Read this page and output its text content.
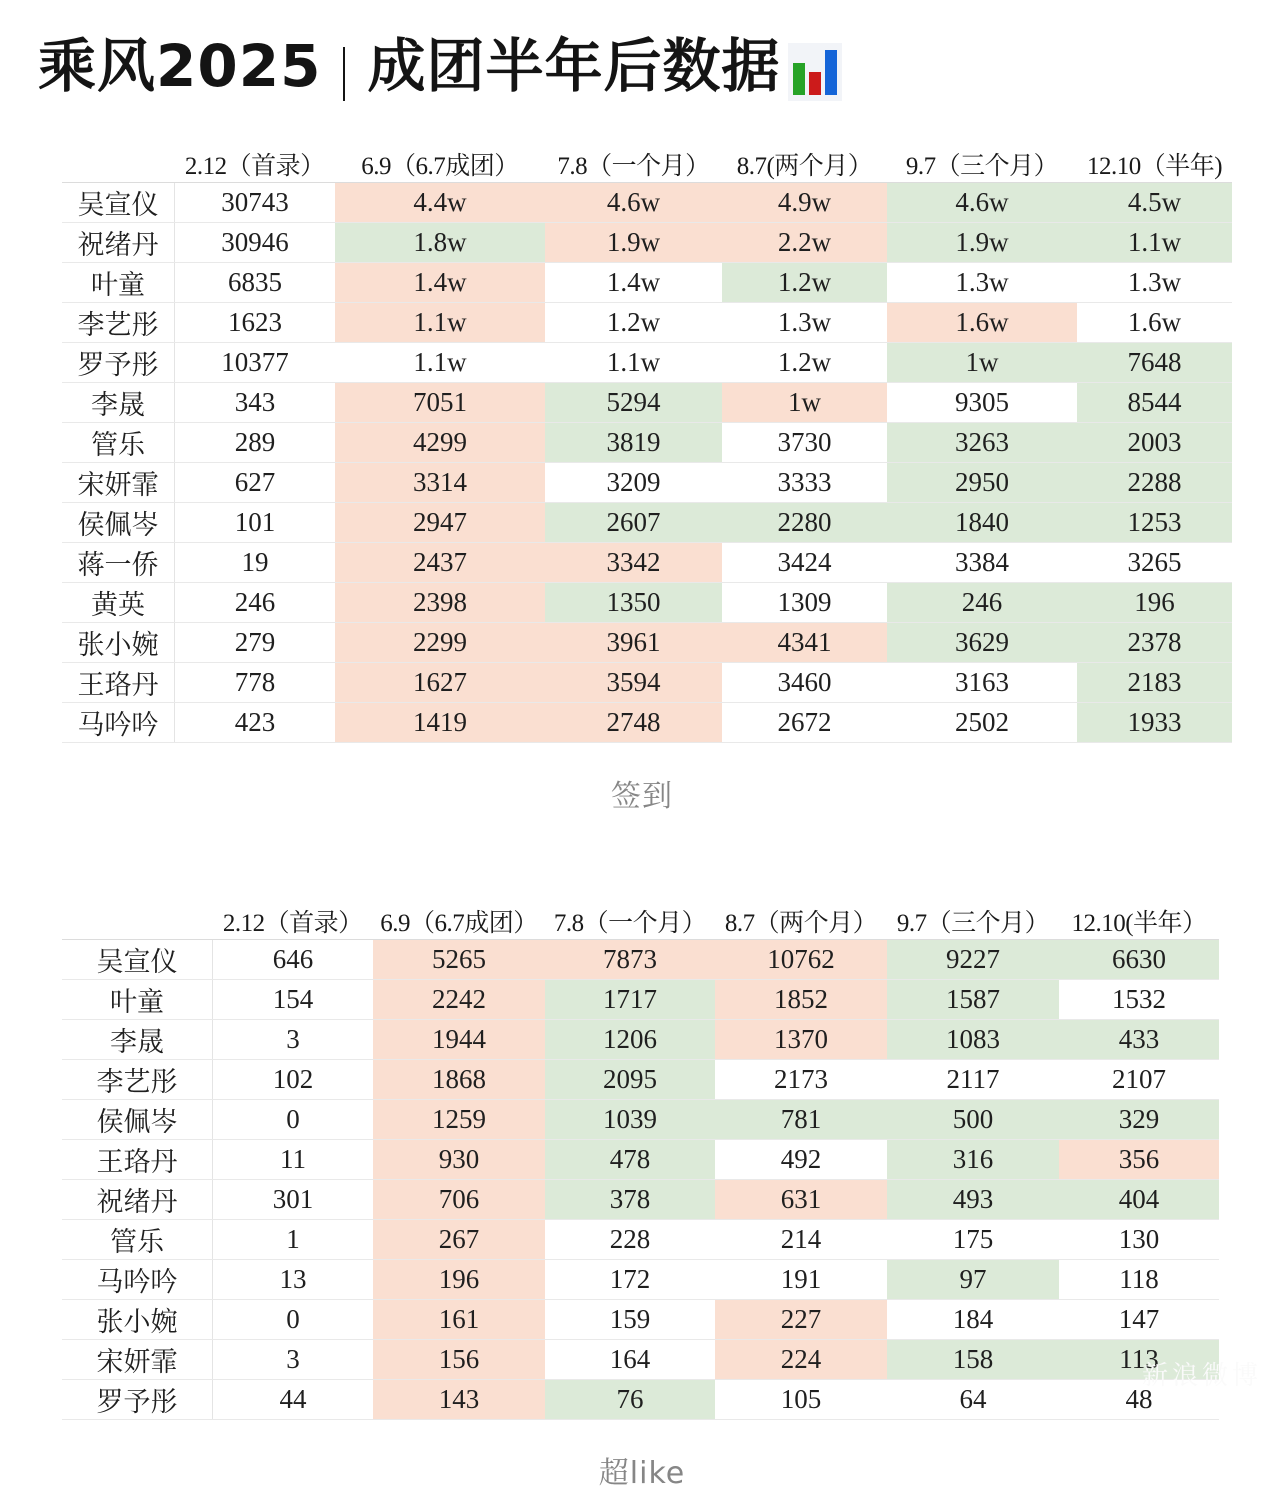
乘风2025 成团半年后数据
	2.12（首录）	6.9（6.7成团）	7.8（一个月）	8.7(两个月）	9.7（三个月）	12.10（半年)
吴宣仪	30743	4.4w	4.6w	4.9w	4.6w	4.5w
祝绪丹	30946	1.8w	1.9w	2.2w	1.9w	1.1w
叶童	6835	1.4w	1.4w	1.2w	1.3w	1.3w
李艺彤	1623	1.1w	1.2w	1.3w	1.6w	1.6w
罗予彤	10377	1.1w	1.1w	1.2w	1w	7648
李晟	343	7051	5294	1w	9305	8544
管乐	289	4299	3819	3730	3263	2003
宋妍霏	627	3314	3209	3333	2950	2288
侯佩岑	101	2947	2607	2280	1840	1253
蒋一侨	19	2437	3342	3424	3384	3265
黄英	246	2398	1350	1309	246	196
张小婉	279	2299	3961	4341	3629	2378
王珞丹	778	1627	3594	3460	3163	2183
马吟吟	423	1419	2748	2672	2502	1933
签到
	2.12（首录）	6.9（6.7成团）	7.8（一个月）	8.7（两个月）	9.7（三个月）	12.10(半年）
吴宣仪	646	5265	7873	10762	9227	6630
叶童	154	2242	1717	1852	1587	1532
李晟	3	1944	1206	1370	1083	433
李艺彤	102	1868	2095	2173	2117	2107
侯佩岑	0	1259	1039	781	500	329
王珞丹	11	930	478	492	316	356
祝绪丹	301	706	378	631	493	404
管乐	1	267	228	214	175	130
马吟吟	13	196	172	191	97	118
张小婉	0	161	159	227	184	147
宋妍霏	3	156	164	224	158	113
罗予彤	44	143	76	105	64	48
超like
新浪微博
